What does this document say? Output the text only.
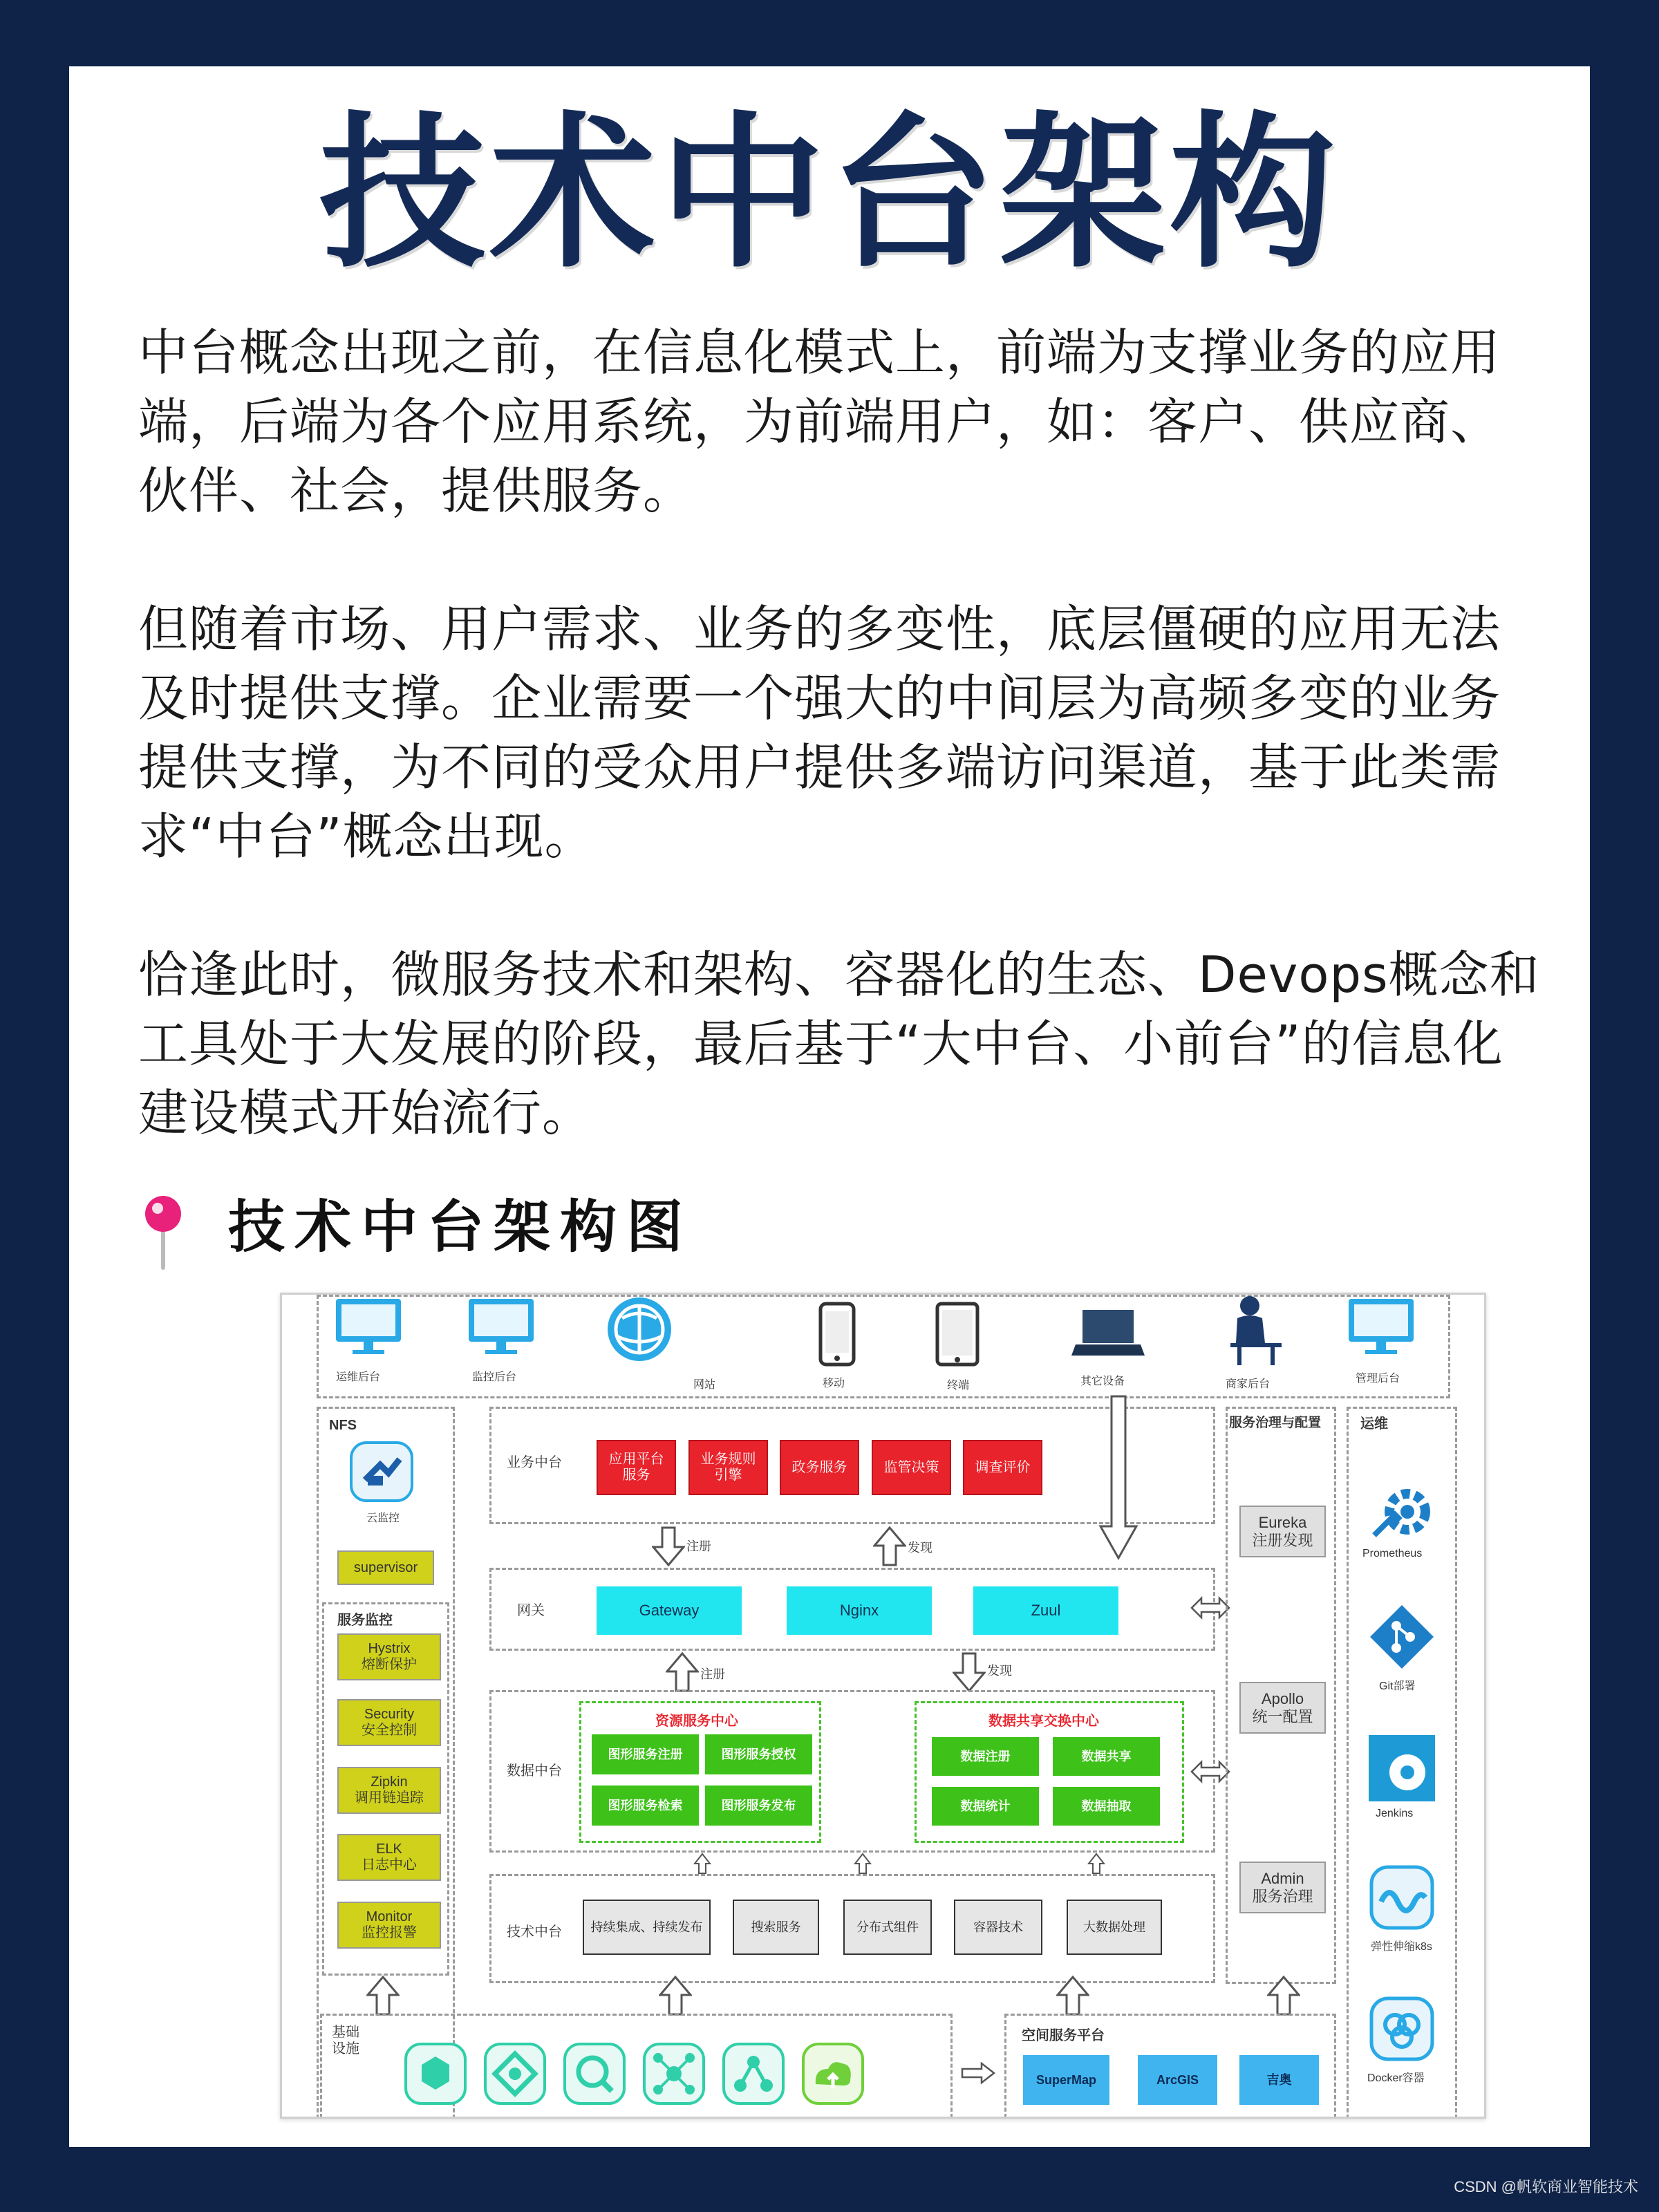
技术中台架构
中台概念出现之前，在信息化模式上，前端为支撑业务的应用端，后端为各个应用系统，为前端用户，如：客户、供应商、伙伴、社会，提供服务。
但随着市场、用户需求、业务的多变性，底层僵硬的应用无法及时提供支撑。企业需要一个强大的中间层为高频多变的业务提供支撑，为不同的受众用户提供多端访问渠道，基于此类需求“中台”概念出现。
恰逢此时，微服务技术和架构、容器化的生态、Devops概念和工具处于大发展的阶段，最后基于“大中台、小前台”的信息化建设模式开始流行。
技术中台架构图
运维后台	监控后台
网站	移动	终端	其它设备	商家后台	管理后台
NFS
云监控
supervisor
服务监控
Hystrix
熔断保护
Security
安全控制
Zipkin
调用链追踪
ELK
日志中心
Monitor
监控报警
业务中台	应用平台
服务
业务规则
引擎
政务服务	监管决策	调查评价
注册	发现
网关	Gateway	Nginx	Zuul
注册	发现
数据中台
资源服务中心
图形服务注册	图形服务授权
图形服务检索	图形服务发布
数据共享交换中心
数据注册	数据共享
数据统计	数据抽取
技术中台	持续集成、持续发布	搜索服务	分布式组件	容器技术	大数据处理
服务治理与配置
Eureka
注册发现
Apollo
统一配置
Admin
服务治理
运维
Prometheus
Git部署
Jenkins
弹性伸缩k8s
Docker容器
基础
设施
空间服务平台
SuperMap	ArcGIS	吉奥
CSDN @帆软商业智能技术
